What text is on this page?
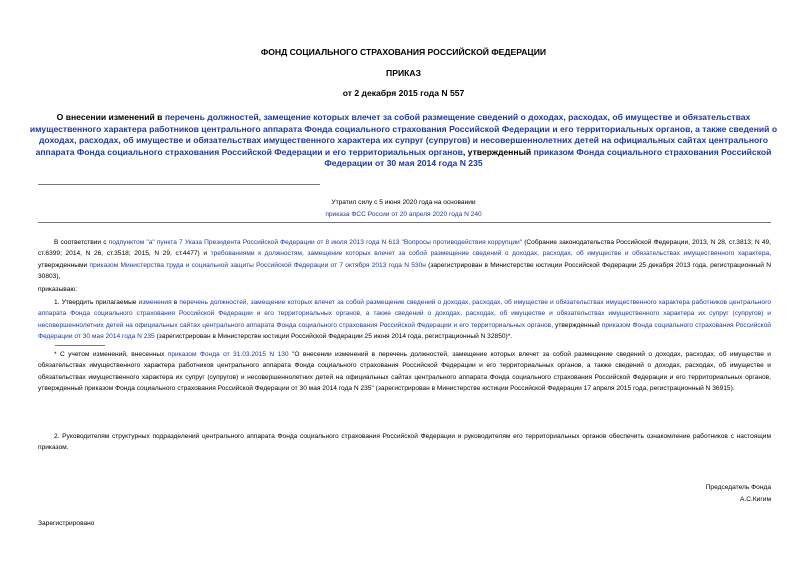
ФОНД СОЦИАЛЬНОГО СТРАХОВАНИЯ РОССИЙСКОЙ ФЕДЕРАЦИИ
ПРИКАЗ
от 2 декабря 2015 года N 557
О внесении изменений в перечень должностей, замещение которых влечет за собой размещение сведений о доходах, расходах, об имуществе и обязательствах имущественного характера работников центрального аппарата Фонда социального страхования Российской Федерации и его территориальных органов, а также сведений о доходах, расходах, об имуществе и обязательствах имущественного характера их супруг (супругов) и несовершеннолетних детей на официальных сайтах центрального аппарата Фонда социального страхования Российской Федерации и его территориальных органов, утвержденный приказом Фонда социального страхования Российской Федерации от 30 мая 2014 года N 235
Утратил силу с 5 июня 2020 года на основании
приказа ФСС России от 20 апреля 2020 года N 240
В соответствии с подпунктом "а" пункта 7 Указа Президента Российской Федерации от 8 июля 2013 года N 613 "Вопросы противодействия коррупции" (Собрание законодательства Российской Федерации, 2013, N 28, ст.3813; N 49, ст.6399; 2014, N 26, ст.3518; 2015, N 29, ст.4477) и требованиями к должностям, замещение которых влечет за собой размещение сведений о доходах, расходах, об имуществе и обязательствах имущественного характера, утвержденными приказом Министерства труда и социальной защиты Российской Федерации от 7 октября 2013 года N 530н (зарегистрирован в Министерстве юстиции Российской Федерации 25 декабря 2013 года, регистрационный N 30803),
приказываю:
1. Утвердить прилагаемые изменения в перечень должностей, замещение которых влечет за собой размещение сведений о доходах, расходах, об имуществе и обязательствах имущественного характера работников центрального аппарата Фонда социального страхования Российской Федерации и его территориальных органов, а также сведений о доходах, расходах, об имуществе и обязательствах имущественного характера их супруг (супругов) и несовершеннолетних детей на официальных сайтах центрального аппарата Фонда социального страхования Российской Федерации и его территориальных органов, утвержденный приказом Фонда социального страхования Российской Федерации от 30 мая 2014 года N 235 (зарегистрирован в Министерстве юстиции Российской Федерации 25 июня 2014 года, регистрационный N 32850)*.
* С учетом изменений, внесенных приказом Фонда от 31.03.2015 N 130 "О внесении изменений в перечень должностей, замещение которых влечет за собой размещение сведений о доходах, расходах, об имуществе и обязательствах имущественного характера работников центрального аппарата Фонда социального страхования Российской Федерации и его территориальных органов, а также сведений о доходах, расходах, об имуществе и обязательствах имущественного характера их супруг (супругов) и несовершеннолетних детей на официальных сайтах центрального аппарата Фонда социального страхования Российской Федерации и его территориальных органов, утвержденный приказом Фонда социального страхования Российской Федерации от 30 мая 2014 года N 235" (зарегистрирован в Министерстве юстиции Российской Федерации 17 апреля 2015 года, регистрационный N 36915).
2. Руководителям структурных подразделений центрального аппарата Фонда социального страхования Российской Федерации и руководителям его территориальных органов обеспечить ознакомление работников с настоящим приказом.
Председатель Фонда
А.С.Кигим
Зарегистрировано
